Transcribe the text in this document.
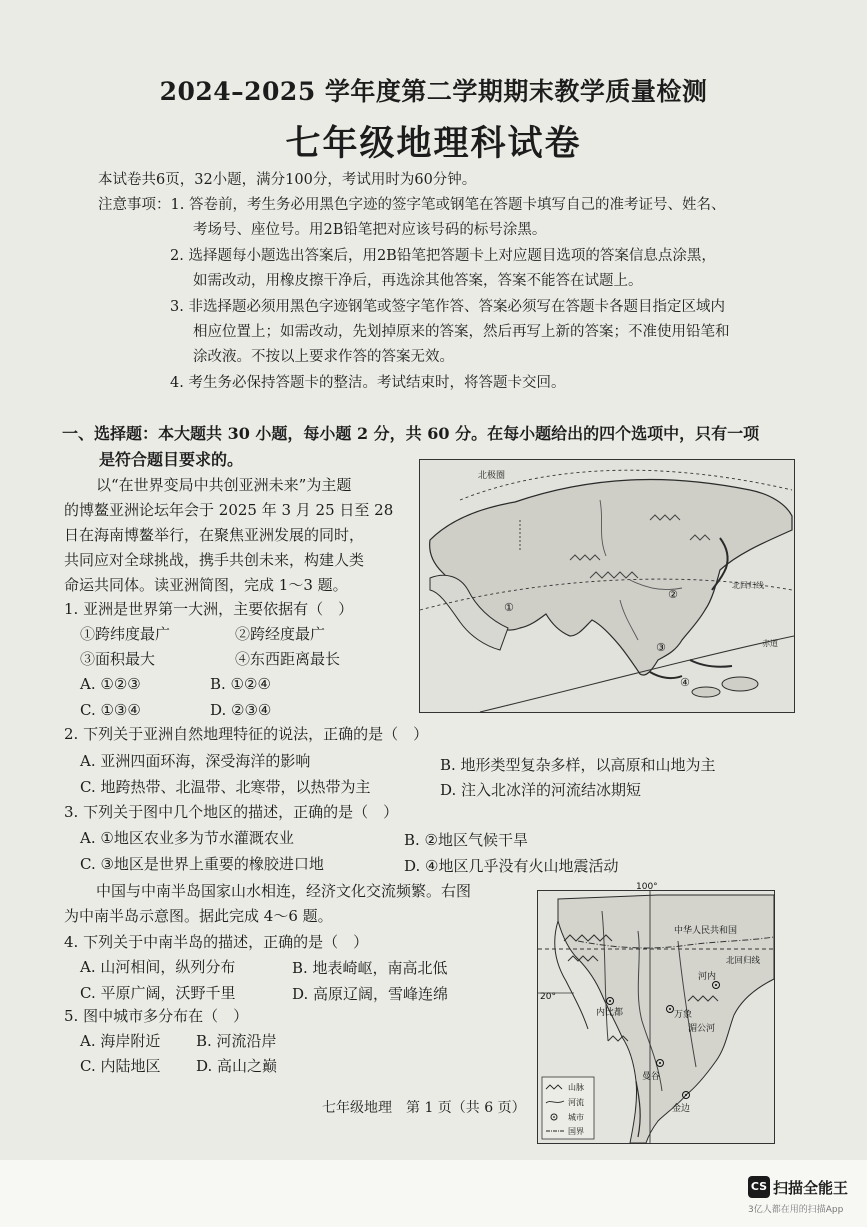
2024–2025 学年度第二学期期末教学质量检测
七年级地理科试卷
本试卷共6页，32小题，满分100分，考试用时为60分钟。
注意事项：1. 答卷前，考生务必用黑色字迹的签字笔或钢笔在答题卡填写自己的准考证号、姓名、
考场号、座位号。用2B铅笔把对应该号码的标号涂黑。
2. 选择题每小题选出答案后，用2B铅笔把答题卡上对应题目选项的答案信息点涂黑，
如需改动，用橡皮擦干净后，再选涂其他答案，答案不能答在试题上。
3. 非选择题必须用黑色字迹钢笔或签字笔作答、答案必须写在答题卡各题目指定区域内
相应位置上；如需改动，先划掉原来的答案，然后再写上新的答案；不准使用铅笔和
涂改液。不按以上要求作答的答案无效。
4. 考生务必保持答题卡的整洁。考试结束时，将答题卡交回。
一、选择题：本大题共 30 小题，每小题 2 分，共 60 分。在每小题给出的四个选项中，只有一项
是符合题目要求的。
以“在世界变局中共创亚洲未来”为主题
的博鳌亚洲论坛年会于 2025 年 3 月 25 日至 28
日在海南博鳌举行，在聚焦亚洲发展的同时，
共同应对全球挑战，携手共创未来，构建人类
命运共同体。读亚洲简图，完成 1～3 题。
1. 亚洲是世界第一大洲，主要依据有（　）
①跨纬度最广	②跨经度最广
③面积最大	④东西距离最长
A. ①②③	B. ①②④
C. ①③④	D. ②③④
北极圈
北回归线
赤道
①
②
③
④
2. 下列关于亚洲自然地理特征的说法，正确的是（　）
A. 亚洲四面环海，深受海洋的影响	B. 地形类型复杂多样，以高原和山地为主
C. 地跨热带、北温带、北寒带，以热带为主	D. 注入北冰洋的河流结冰期短
3. 下列关于图中几个地区的描述，正确的是（　）
A. ①地区农业多为节水灌溉农业	B. ②地区气候干旱
C. ③地区是世界上重要的橡胶进口地	D. ④地区几乎没有火山地震活动
中国与中南半岛国家山水相连，经济文化交流频繁。右图
为中南半岛示意图。据此完成 4～6 题。
4. 下列关于中南半岛的描述，正确的是（　）
A. 山河相间，纵列分布	B. 地表崎岖，南高北低
C. 平原广阔，沃野千里	D. 高原辽阔，雪峰连绵
5. 图中城市多分布在（　）
A. 海岸附近 B. 河流沿岸
C. 内陆地区 D. 高山之巅
100°
20°
中华人民共和国
北回归线
河内
内比都	万象
曼谷
金边
湄公河
山脉
河流
城市
国界
七年级地理　第 1 页（共 6 页）
CS 扫描全能王
3亿人都在用的扫描App
